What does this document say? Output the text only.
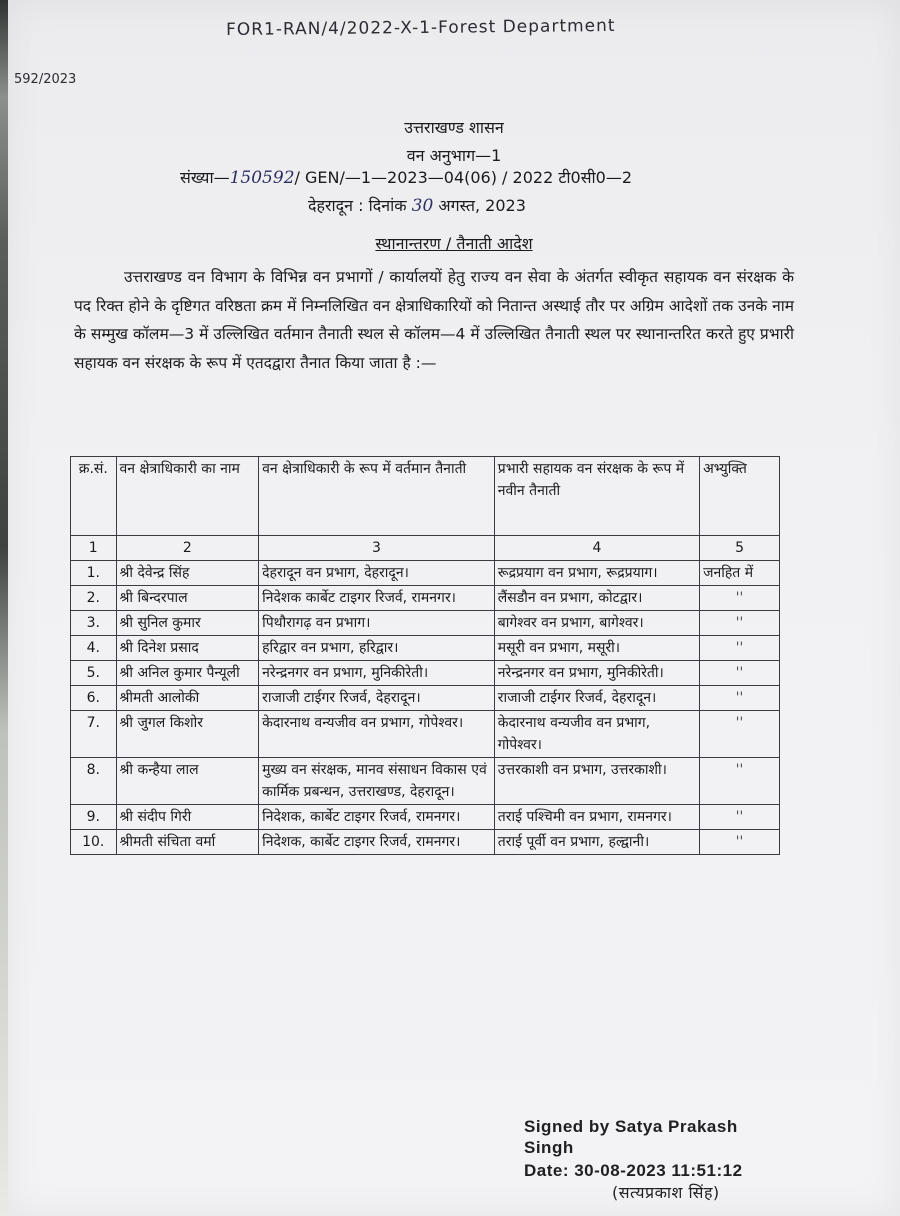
FOR1-RAN/4/2022-X-1-Forest Department
592/2023
उत्तराखण्ड शासन
वन अनुभाग—1
संख्या—150592/ GEN/—1—2023—04(06) / 2022 टी0सी0—2
देहरादून : दिनांक 30 अगस्त, 2023
स्थानान्तरण / तैनाती आदेश
उत्तराखण्ड वन विभाग के विभिन्न वन प्रभागों / कार्यालयों हेतु राज्य वन सेवा के अंतर्गत स्वीकृत सहायक वन संरक्षक के पद रिक्त होने के दृष्टिगत वरिष्ठता क्रम में निम्नलिखित वन क्षेत्राधिकारियों को नितान्त अस्थाई तौर पर अग्रिम आदेशों तक उनके नाम के सम्मुख कॉलम—3 में उल्लिखित वर्तमान तैनाती स्थल से कॉलम—4 में उल्लिखित तैनाती स्थल पर स्थानान्तरित करते हुए प्रभारी सहायक वन संरक्षक के रूप में एतदद्वारा तैनात किया जाता है :—
क्र.सं.	वन क्षेत्राधिकारी का नाम	वन क्षेत्राधिकारी के रूप में वर्तमान तैनाती	प्रभारी सहायक वन संरक्षक के रूप में नवीन तैनाती	अभ्युक्ति
1	2	3	4	5
1.	श्री देवेन्द्र सिंह	देहरादून वन प्रभाग, देहरादून।	रूद्रप्रयाग वन प्रभाग, रूद्रप्रयाग।	जनहित में
2.	श्री बिन्दरपाल	निदेशक कार्बेट टाइगर रिजर्व, रामनगर।	लैंसडौन वन प्रभाग, कोटद्वार।	''
3.	श्री सुनिल कुमार	पिथौरागढ़ वन प्रभाग।	बागेश्वर वन प्रभाग, बागेश्वर।	''
4.	श्री दिनेश प्रसाद	हरिद्वार वन प्रभाग, हरिद्वार।	मसूरी वन प्रभाग, मसूरी।	''
5.	श्री अनिल कुमार पैन्यूली	नरेन्द्रनगर वन प्रभाग, मुनिकीरेती।	नरेन्द्रनगर वन प्रभाग, मुनिकीरेती।	''
6.	श्रीमती आलोकी	राजाजी टाईगर रिजर्व, देहरादून।	राजाजी टाईगर रिजर्व, देहरादून।	''
7.	श्री जुगल किशोर	केदारनाथ वन्यजीव वन प्रभाग, गोपेश्वर।	केदारनाथ वन्यजीव वन प्रभाग, गोपेश्वर।	''
8.	श्री कन्हैया लाल	मुख्य वन संरक्षक, मानव संसाधन विकास एवं कार्मिक प्रबन्धन, उत्तराखण्ड, देहरादून।	उत्तरकाशी वन प्रभाग, उत्तरकाशी।	''
9.	श्री संदीप गिरी	निदेशक, कार्बेट टाइगर रिजर्व, रामनगर।	तराई पश्चिमी वन प्रभाग, रामनगर।	''
10.	श्रीमती संचिता वर्मा	निदेशक, कार्बेट टाइगर रिजर्व, रामनगर।	तराई पूर्वी वन प्रभाग, हल्द्वानी।	''
Signed by Satya Prakash
Singh
Date: 30-08-2023 11:51:12
(सत्यप्रकाश सिंह)
